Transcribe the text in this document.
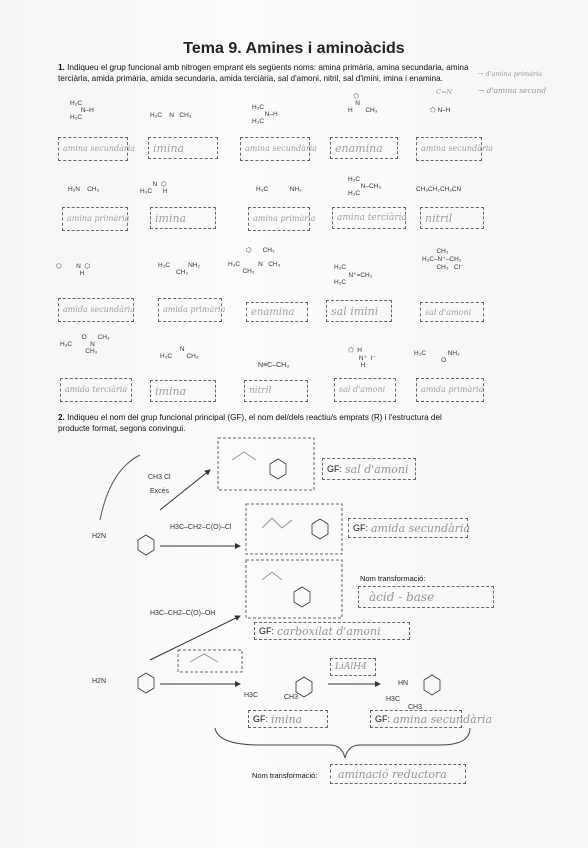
Tema 9. Amines i aminoàcids
1. Indiqueu el grup funcional amb nitrogen emprant els següents noms: amina primària, amina secundaria, amina
terciària, amida primària, amida secundaria, amida terciària, sal d'amoni, nitril, sal d'imini, imina i enamina.	→ d'amina primària
C=N	→ d'amina secund
H₃C
N–H
H₃C	H₃C    N   CH₃
H₃C
N–H
H₃C
⬠
N
H       CH₃	⬠ N–H
amina secundària imina	amina secundària enamina	amina secundària
H₂N    CH₃
N  ⬡
H₃C      H	H₃C            NH₂
H₃C
N–CH₃
H₃C
CH₃CH₂CH₂CN
amina primària imina	amina primària amina terciària nitril
⬡        N  ⬡
H
H₃C          NH₂
CH₃
⬡      CH₃

H₃C          N   CH₃
CH₃
H₃C
N⁺=CH₂
H₃C
CH₃
H₃C–N⁺–CH₃
CH₃   Cl⁻
amida secundària	amida primària	enamina	sal imini	sal d'amoni
O      CH₃
H₃C          N
CH₃	N
H₃C        CH₃
N≡C–CH₃
⬠  H
N⁺  I⁻
H
H₃C            NH₂
O
amida terciària	imina	nitril	sal d'amoni	amida primària
2. Indiqueu el nom del grup funcional principal (GF), el nom del/dels reactiu/s emprats (R) i l'estructura del
producte format, segons convingui.
CH3 Cl
Excés
H2N
H3C–CH2–C(O)–Cl
H3C–CH2–C(O)–OH
H2N
H3C	CH3
HN
H3C
CH3
GF: sal d'amoni
GF: amida secundària
Nom transformació:
àcid - base
GF: carboxilat d'amoni
LiAlH4
GF: imina	GF: amina secundària
Nom transformació: aminació reductora
